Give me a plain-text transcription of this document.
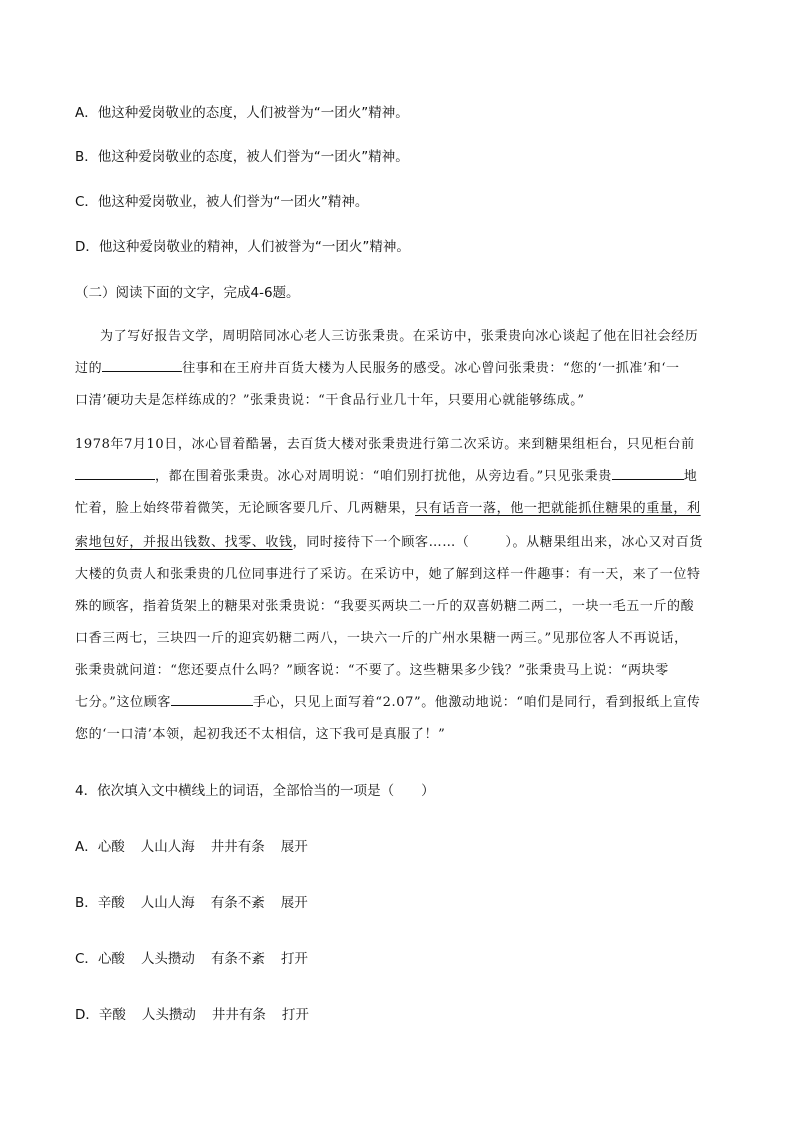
A．他这种爱岗敬业的态度，人们被誉为“一团火”精神。
B．他这种爱岗敬业的态度，被人们誉为“一团火”精神。
C．他这种爱岗敬业，被人们誉为“一团火”精神。
D．他这种爱岗敬业的精神，人们被誉为“一团火”精神。
（二）阅读下面的文字，完成4-6题。
为了写好报告文学，周明陪同冰心老人三访张秉贵。在采访中，张秉贵向冰心谈起了他在旧社会经历
过的	往事和在王府井百货大楼为人民服务的感受。冰心曾问张秉贵：“您的‘一抓准’和‘一
口清’硬功夫是怎样练成的？”张秉贵说：“干食品行业几十年，只要用心就能够练成。”
1978年7月10日，冰心冒着酷暑，去百货大楼对张秉贵进行第二次采访。来到糖果组柜台，只见柜台前
，都在围着张秉贵。冰心对周明说：“咱们别打扰他，从旁边看。”只见张秉贵	地
忙着，脸上始终带着微笑，无论顾客要几斤、几两糖果，只有话音一落，他一把就能抓住糖果的重量，利
索地包好，并报出钱数、找零、收钱，同时接待下一个顾客……（	）。从糖果组出来，冰心又对百货
大楼的负责人和张秉贵的几位同事进行了采访。在采访中，她了解到这样一件趣事：有一天，来了一位特
殊的顾客，指着货架上的糖果对张秉贵说：“我要买两块二一斤的双喜奶糖二两二，一块一毛五一斤的酸
口香三两七，三块四一斤的迎宾奶糖二两八，一块六一斤的广州水果糖一两三。”见那位客人不再说话，
张秉贵就问道：“您还要点什么吗？”顾客说：“不要了。这些糖果多少钱？”张秉贵马上说：“两块零
七分。”这位顾客	手心，只见上面写着“2.07”。他激动地说：“咱们是同行，看到报纸上宣传
您的‘一口清’本领，起初我还不太相信，这下我可是真服了！”
4．依次填入文中横线上的词语，全部恰当的一项是（　　）
A．心酸 人山人海 井井有条 展开
B．辛酸 人山人海 有条不紊 展开
C．心酸 人头攒动 有条不紊 打开
D．辛酸 人头攒动 井井有条 打开
